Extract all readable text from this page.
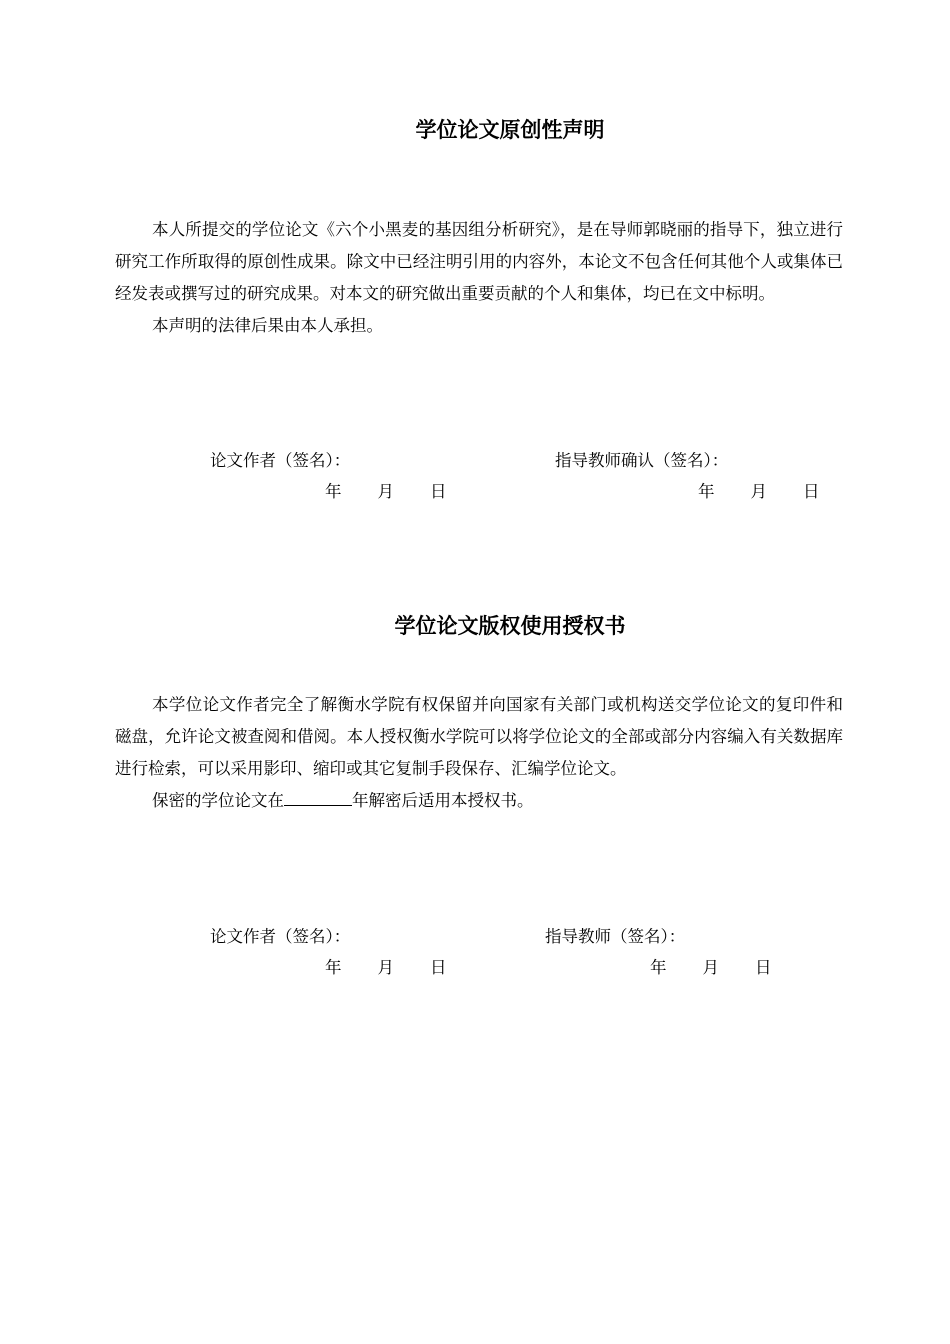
学位论文原创性声明

本人所提交的学位论文《六个小黑麦的基因组分析研究》，是在导师郭晓丽的指导下，独立进行研究工作所取得的原创性成果。除文中已经注明引用的内容外，本论文不包含任何其他个人或集体已经发表或撰写过的研究成果。对本文的研究做出重要贡献的个人和集体，均已在文中标明。

本声明的法律后果由本人承担。

论文作者（签名）：	指导教师确认（签名）：
年 月 日	年 月 日
学位论文版权使用授权书

本学位论文作者完全了解衡水学院有权保留并向国家有关部门或机构送交学位论文的复印件和磁盘，允许论文被查阅和借阅。本人授权衡水学院可以将学位论文的全部或部分内容编入有关数据库进行检索，可以采用影印、缩印或其它复制手段保存、汇编学位论文。

保密的学位论文在	年解密后适用本授权书。

论文作者（签名）：	指导教师（签名）：
年 月 日	年 月 日
